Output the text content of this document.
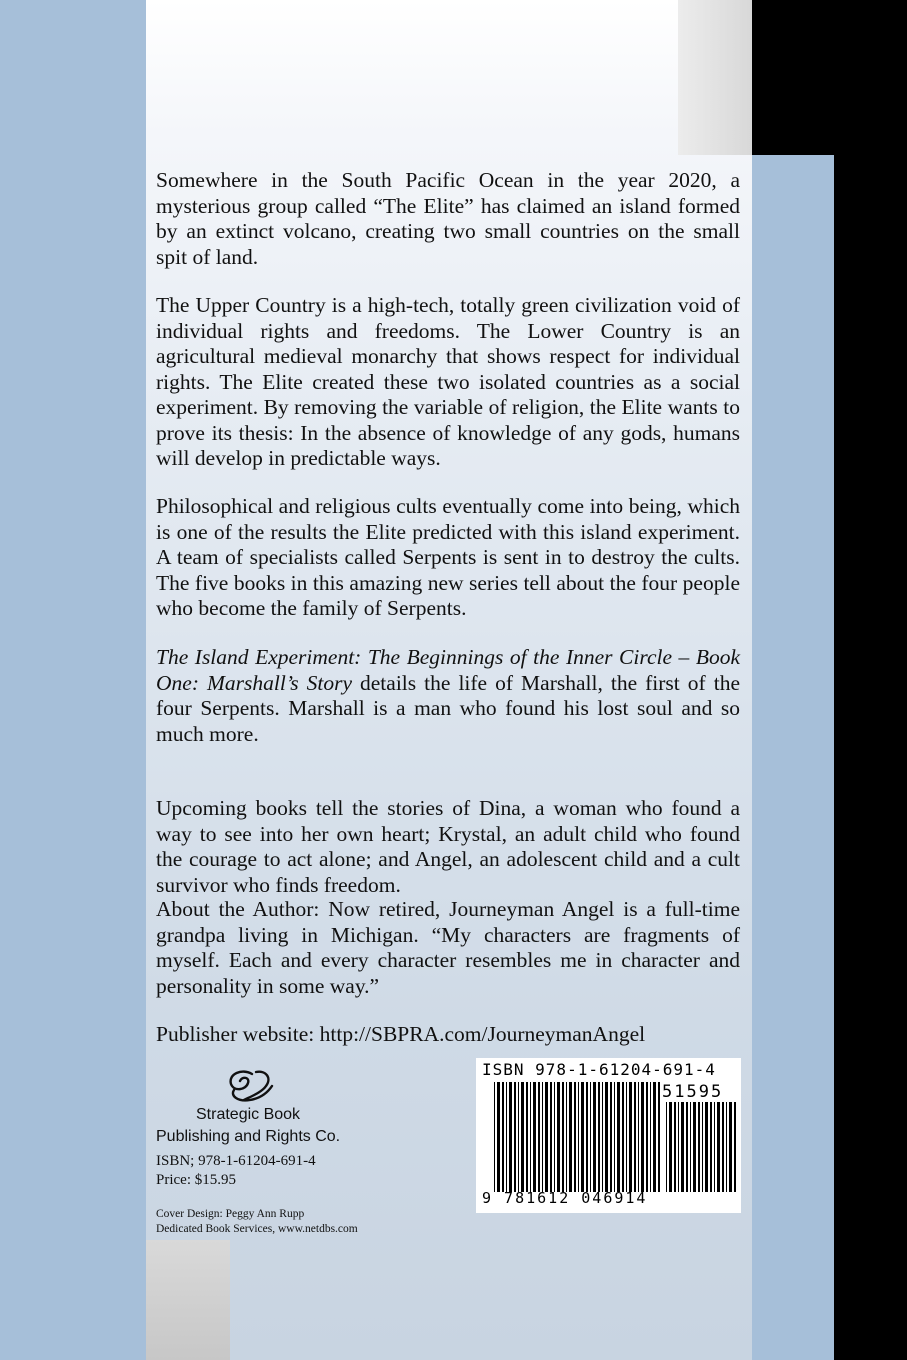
Somewhere in the South Pacific Ocean in the year 2020, a mysterious group called “The Elite” has claimed an island formed by an extinct volcano, creating two small countries on the small spit of land.
The Upper Country is a high-tech, totally green civilization void of individual rights and freedoms. The Lower Country is an agricultural medieval monarchy that shows respect for individual rights. The Elite created these two isolated countries as a social experiment. By removing the variable of religion, the Elite wants to prove its thesis: In the absence of knowledge of any gods, humans will develop in predictable ways.
Philosophical and religious cults eventually come into being, which is one of the results the Elite predicted with this island experiment. A team of specialists called Serpents is sent in to destroy the cults. The five books in this amazing new series tell about the four people who become the family of Serpents.
The Island Experiment: The Beginnings of the Inner Circle – Book One: Marshall’s Story details the life of Marshall, the first of the four Serpents. Marshall is a man who found his lost soul and so much more.
Upcoming books tell the stories of Dina, a woman who found a way to see into her own heart; Krystal, an adult child who found the courage to act alone; and Angel, an adolescent child and a cult survivor who finds freedom.
About the Author: Now retired, Journeyman Angel is a full-time grandpa living in Michigan. “My characters are fragments of myself. Each and every character resembles me in character and personality in some way.”
Publisher website: http://SBPRA.com/JourneymanAngel
Strategic Book
Publishing and Rights Co.
ISBN; 978-1-61204-691-4
Price: $15.95
Cover Design: Peggy Ann Rupp
Dedicated Book Services, www.netdbs.com
ISBN 978-1-61204-691-4
51595
9 781612 046914
